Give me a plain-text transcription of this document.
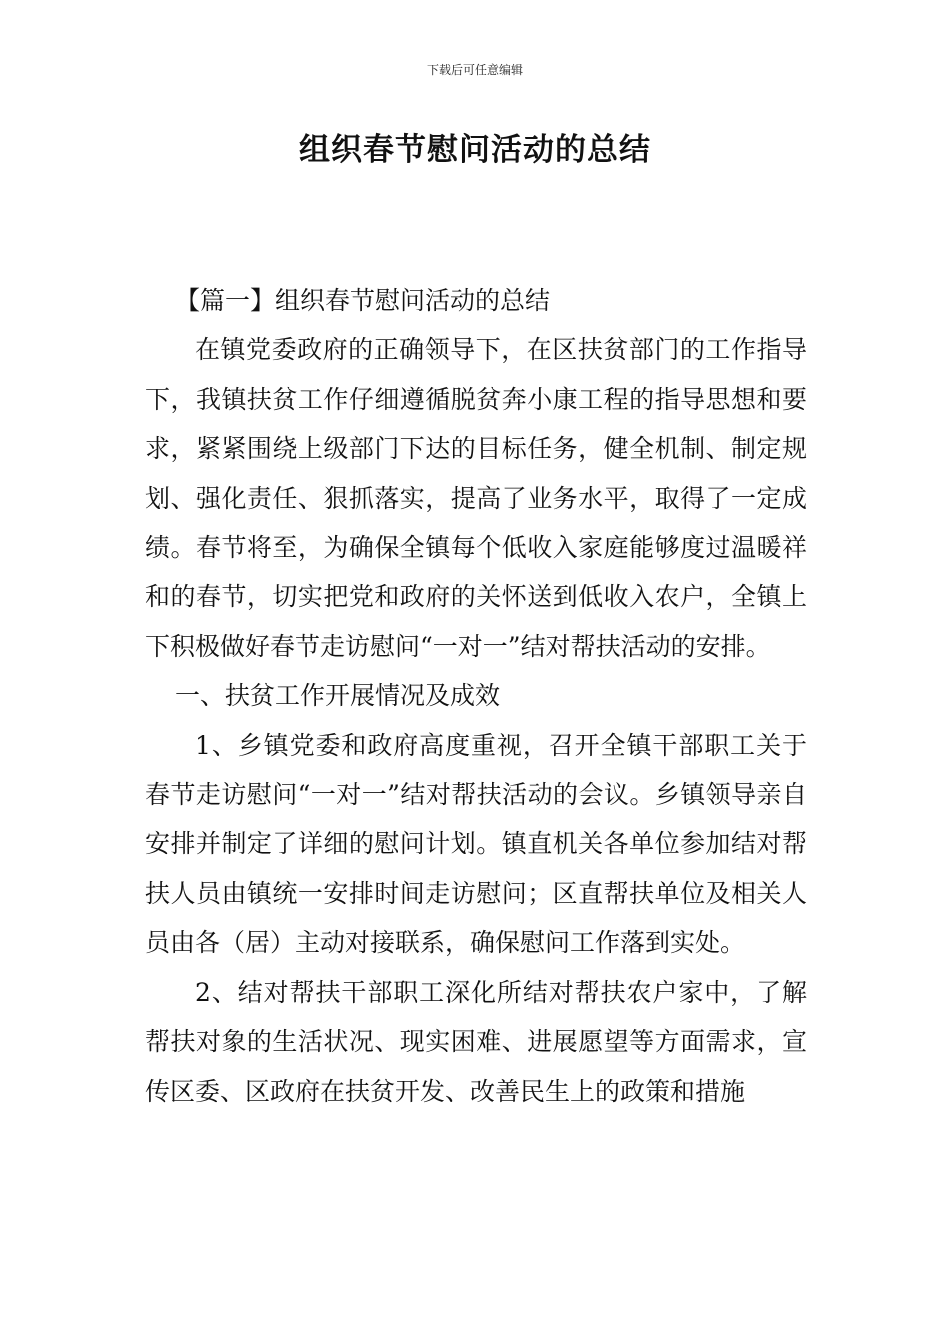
下载后可任意编辑
组织春节慰问活动的总结

【篇一】组织春节慰问活动的总结

在镇党委政府的正确领导下，在区扶贫部门的工作指导下，我镇扶贫工作仔细遵循脱贫奔小康工程的指导思想和要求，紧紧围绕上级部门下达的目标任务，健全机制、制定规划、强化责任、狠抓落实，提高了业务水平，取得了一定成绩。春节将至，为确保全镇每个低收入家庭能够度过温暖祥和的春节，切实把党和政府的关怀送到低收入农户，全镇上下积极做好春节走访慰问“一对一”结对帮扶活动的安排。

一、扶贫工作开展情况及成效

1、乡镇党委和政府高度重视，召开全镇干部职工关于春节走访慰问“一对一”结对帮扶活动的会议。乡镇领导亲自安排并制定了详细的慰问计划。镇直机关各单位参加结对帮扶人员由镇统一安排时间走访慰问；区直帮扶单位及相关人员由各（居）主动对接联系，确保慰问工作落到实处。

2、结对帮扶干部职工深化所结对帮扶农户家中，了解帮扶对象的生活状况、现实困难、进展愿望等方面需求，宣传区委、区政府在扶贫开发、改善民生上的政策和措施
